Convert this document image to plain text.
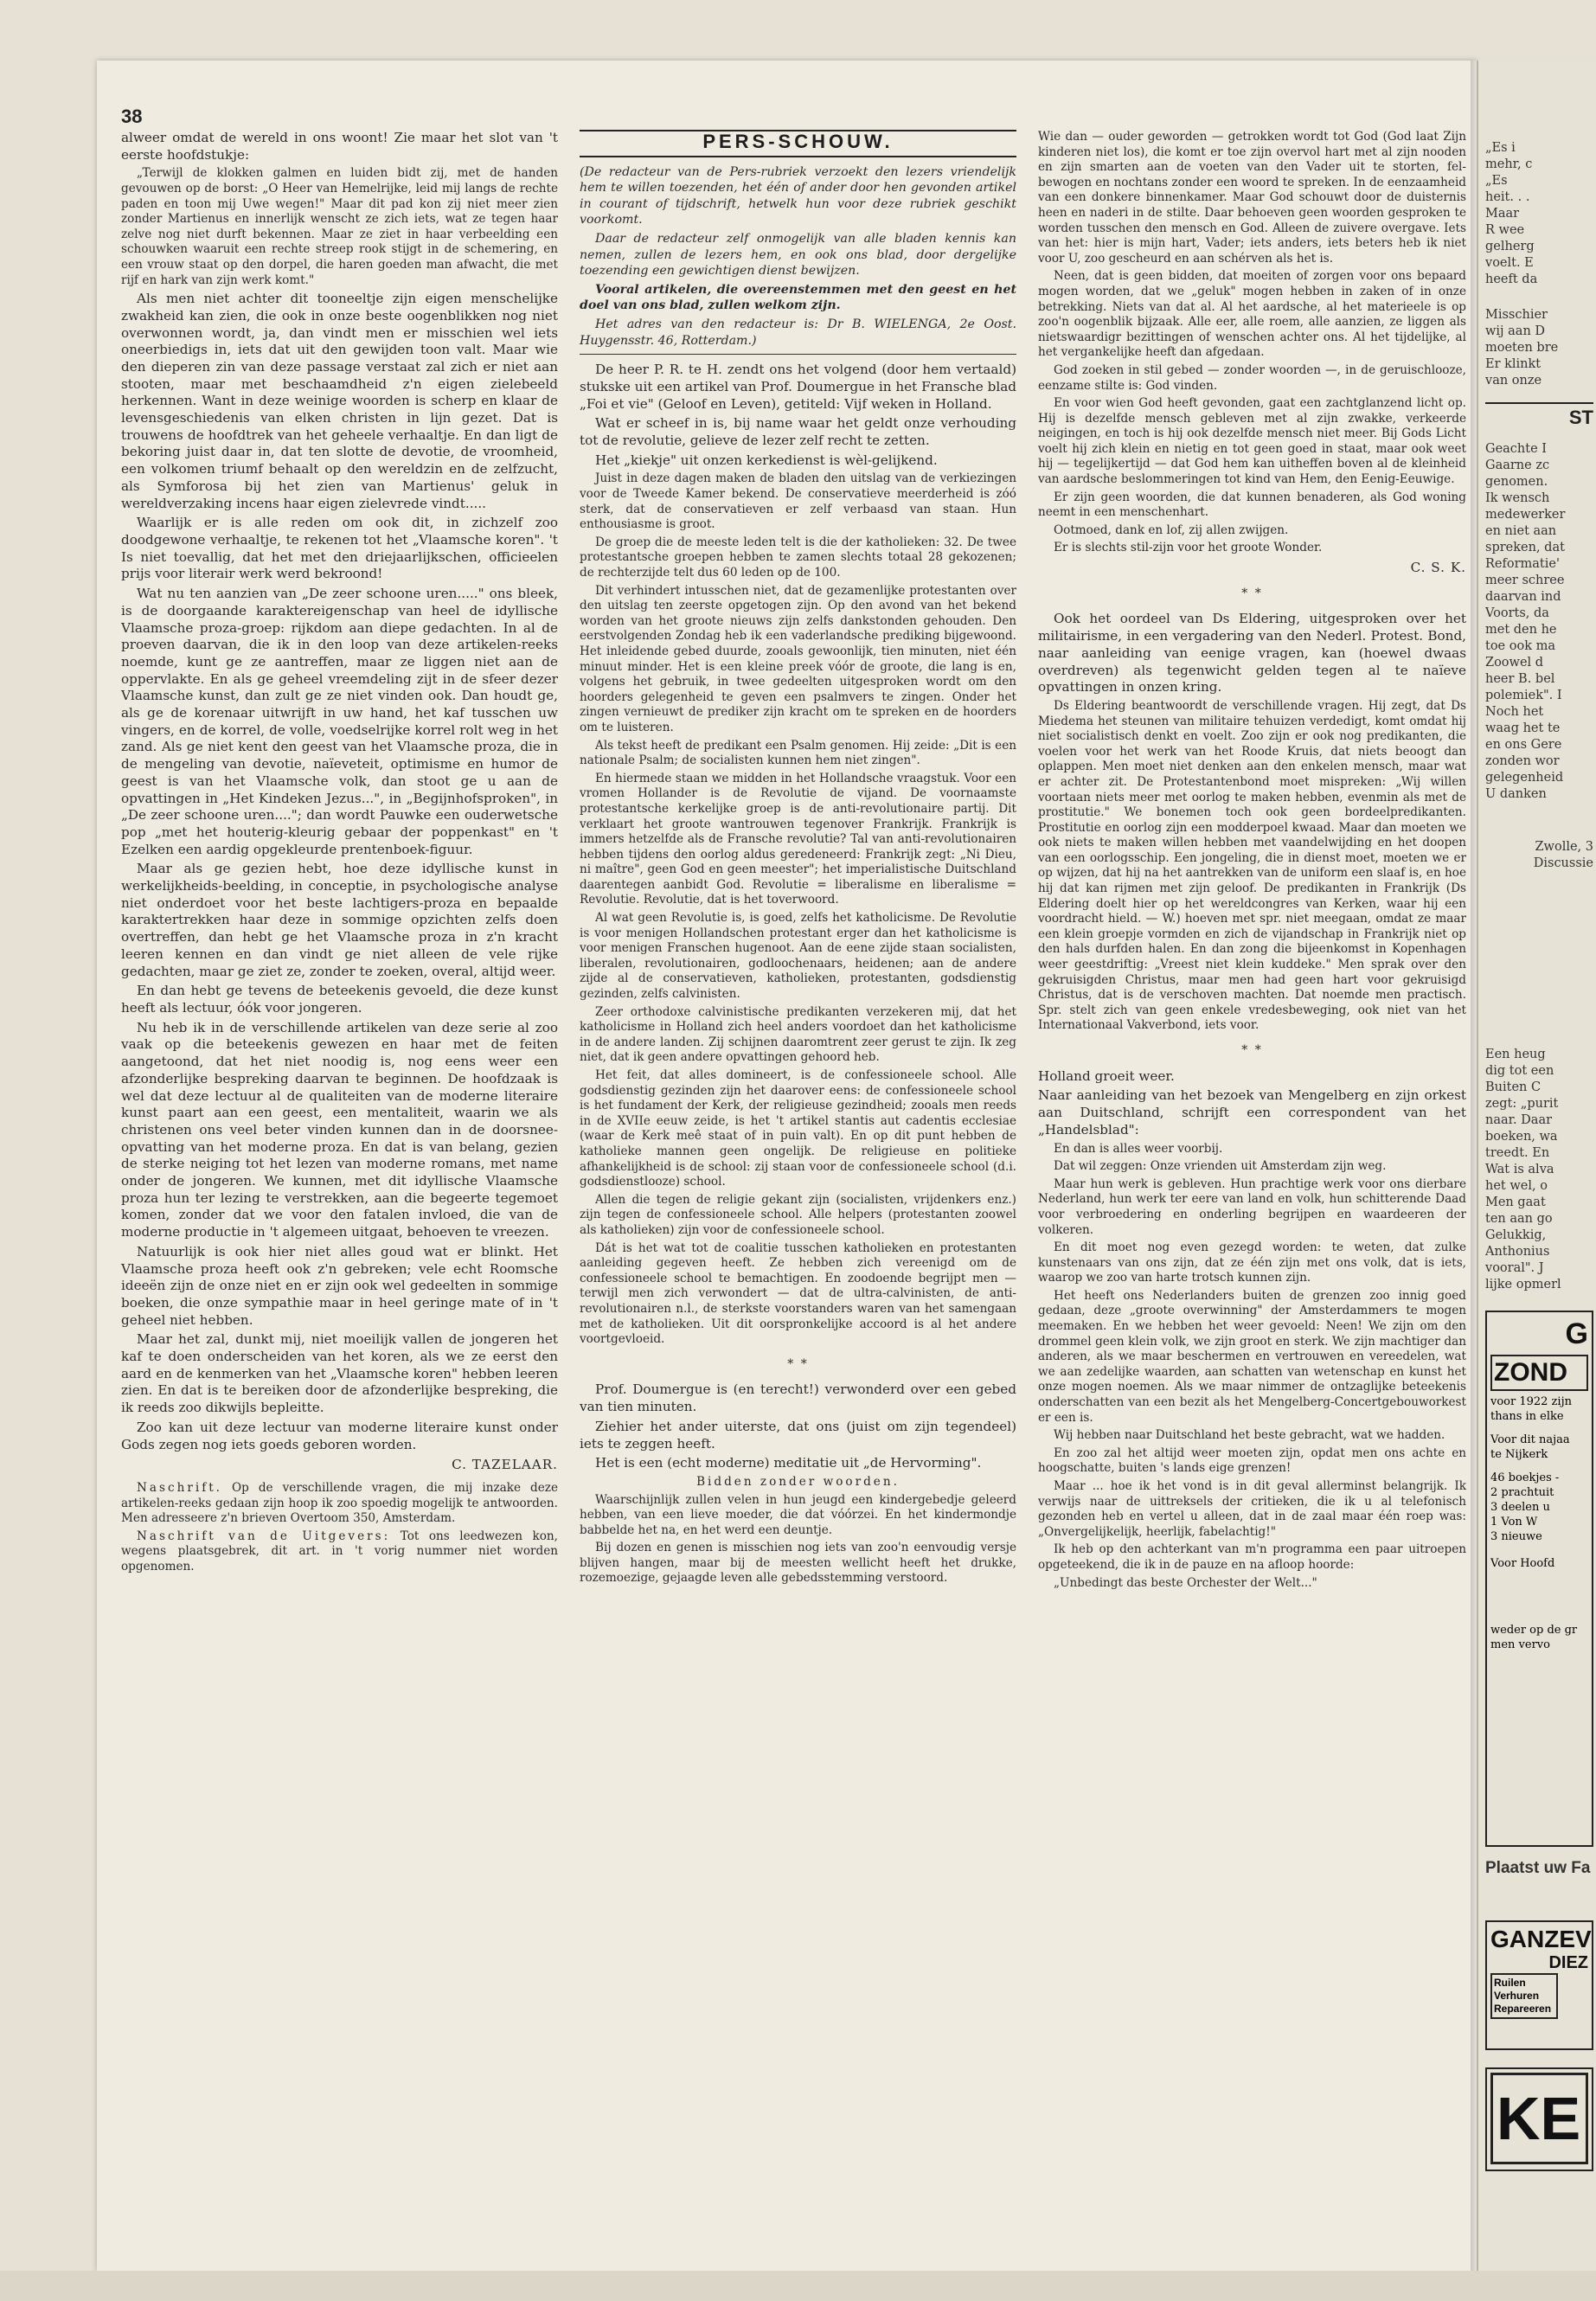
38

alweer omdat de wereld in ons woont! Zie maar het slot van 't eerste hoofdstukje:

„Terwijl de klokken galmen en luiden bidt zij, met de handen gevouwen op de borst: „O Heer van Hemelrijke, leid mij langs de rechte paden en toon mij Uwe wegen!" Maar dit pad kon zij niet meer zien zonder Martienus en innerlijk wenscht ze zich iets, wat ze tegen haar zelve nog niet durft bekennen. Maar ze ziet in haar verbeelding een schouwken waaruit een rechte streep rook stijgt in de schemering, en een vrouw staat op den dorpel, die haren goeden man afwacht, die met rijf en hark van zijn werk komt."

Als men niet achter dit tooneeltje zijn eigen menschelijke zwakheid kan zien, die ook in onze beste oogenblikken nog niet overwonnen wordt, ja, dan vindt men er misschien wel iets oneerbiedigs in, iets dat uit den gewijden toon valt. Maar wie den dieperen zin van deze passage verstaat zal zich er niet aan stooten, maar met beschaamdheid z'n eigen zielebeeld herkennen. Want in deze weinige woorden is scherp en klaar de levensgeschiedenis van elken christen in lijn gezet. Dat is trouwens de hoofdtrek van het geheele verhaaltje. En dan ligt de bekoring juist daar in, dat ten slotte de devotie, de vroomheid, een volkomen triumf behaalt op den wereldzin en de zelfzucht, als Symforosa bij het zien van Martienus' geluk in wereldverzaking incens haar eigen zielevrede vindt.....

Waarlijk er is alle reden om ook dit, in zichzelf zoo doodgewone verhaaltje, te rekenen tot het „Vlaamsche koren". 't Is niet toevallig, dat het met den driejaarlijkschen, officieelen prijs voor literair werk werd bekroond!

Wat nu ten aanzien van „De zeer schoone uren....." ons bleek, is de doorgaande karaktereigenschap van heel de idyllische Vlaamsche proza-groep: rijkdom aan diepe gedachten. In al de proeven daarvan, die ik in den loop van deze artikelen-reeks noemde, kunt ge ze aantreffen, maar ze liggen niet aan de oppervlakte. En als ge geheel vreemdeling zijt in de sfeer dezer Vlaamsche kunst, dan zult ge ze niet vinden ook. Dan houdt ge, als ge de korenaar uitwrijft in uw hand, het kaf tusschen uw vingers, en de korrel, de volle, voedselrijke korrel rolt weg in het zand. Als ge niet kent den geest van het Vlaamsche proza, die in de mengeling van devotie, naïeveteit, optimisme en humor de geest is van het Vlaamsche volk, dan stoot ge u aan de opvattingen in „Het Kindeken Jezus...", in „Begijnhofsproken", in „De zeer schoone uren...."; dan wordt Pauwke een ouderwetsche pop „met het houterig-kleurig gebaar der poppenkast" en 't Ezelken een aardig opgekleurde prentenboek-figuur.

Maar als ge gezien hebt, hoe deze idyllische kunst in werkelijkheids-beelding, in conceptie, in psychologische analyse niet onderdoet voor het beste lachtigers-proza en bepaalde karaktertrekken haar deze in sommige opzichten zelfs doen overtreffen, dan hebt ge het Vlaamsche proza in z'n kracht leeren kennen en dan vindt ge niet alleen de vele rijke gedachten, maar ge ziet ze, zonder te zoeken, overal, altijd weer.

En dan hebt ge tevens de beteekenis gevoeld, die deze kunst heeft als lectuur, óók voor jongeren.

Nu heb ik in de verschillende artikelen van deze serie al zoo vaak op die beteekenis gewezen en haar met de feiten aangetoond, dat het niet noodig is, nog eens weer een afzonderlijke bespreking daarvan te beginnen. De hoofdzaak is wel dat deze lectuur al de qualiteiten van de moderne literaire kunst paart aan een geest, een mentaliteit, waarin we als christenen ons veel beter vinden kunnen dan in de doorsnee-opvatting van het moderne proza. En dat is van belang, gezien de sterke neiging tot het lezen van moderne romans, met name onder de jongeren. We kunnen, met dit idyllische Vlaamsche proza hun ter lezing te verstrekken, aan die begeerte tegemoet komen, zonder dat we voor den fatalen invloed, die van de moderne productie in 't algemeen uitgaat, behoeven te vreezen.

Natuurlijk is ook hier niet alles goud wat er blinkt. Het Vlaamsche proza heeft ook z'n gebreken; vele echt Roomsche ideeën zijn de onze niet en er zijn ook wel gedeelten in sommige boeken, die onze sympathie maar in heel geringe mate of in 't geheel niet hebben.

Maar het zal, dunkt mij, niet moeilijk vallen de jongeren het kaf te doen onderscheiden van het koren, als we ze eerst den aard en de kenmerken van het „Vlaamsche koren" hebben leeren zien. En dat is te bereiken door de afzonderlijke bespreking, die ik reeds zoo dikwijls bepleitte.

Zoo kan uit deze lectuur van moderne literaire kunst onder Gods zegen nog iets goeds geboren worden.

C. TAZELAAR.

Naschrift. Op de verschillende vragen, die mij inzake deze artikelen-reeks gedaan zijn hoop ik zoo spoedig mogelijk te antwoorden. Men adresseere z'n brieven Overtoom 350, Amsterdam.

Naschrift van de Uitgevers: Tot ons leedwezen kon, wegens plaatsgebrek, dit art. in 't vorig nummer niet worden opgenomen.

PERS-SCHOUW.

(De redacteur van de Pers-rubriek verzoekt den lezers vriendelijk hem te willen toezenden, het één of ander door hen gevonden artikel in courant of tijdschrift, hetwelk hun voor deze rubriek geschikt voorkomt.

Daar de redacteur zelf onmogelijk van alle bladen kennis kan nemen, zullen de lezers hem, en ook ons blad, door dergelijke toezending een gewichtigen dienst bewijzen.

Vooral artikelen, die overeenstemmen met den geest en het doel van ons blad, zullen welkom zijn.

Het adres van den redacteur is: Dr B. WIELENGA, 2e Oost. Huygensstr. 46, Rotterdam.)

De heer P. R. te H. zendt ons het volgend (door hem vertaald) stukske uit een artikel van Prof. Doumergue in het Fransche blad „Foi et vie" (Geloof en Leven), getiteld: Vijf weken in Holland.

Wat er scheef in is, bij name waar het geldt onze verhouding tot de revolutie, gelieve de lezer zelf recht te zetten.

Het „kiekje" uit onzen kerkedienst is wèl-gelijkend.

Juist in deze dagen maken de bladen den uitslag van de verkiezingen voor de Tweede Kamer bekend. De conservatieve meerderheid is zóó sterk, dat de conservatieven er zelf verbaasd van staan. Hun enthousiasme is groot.

De groep die de meeste leden telt is die der katholieken: 32. De twee protestantsche groepen hebben te zamen slechts totaal 28 gekozenen; de rechterzijde telt dus 60 leden op de 100.

Dit verhindert intusschen niet, dat de gezamenlijke protestanten over den uitslag ten zeerste opgetogen zijn. Op den avond van het bekend worden van het groote nieuws zijn zelfs dankstonden gehouden. Den eerstvolgenden Zondag heb ik een vaderlandsche prediking bijgewoond. Het inleidende gebed duurde, zooals gewoonlijk, tien minuten, niet één minuut minder. Het is een kleine preek vóór de groote, die lang is en, volgens het gebruik, in twee gedeelten uitgesproken wordt om den hoorders gelegenheid te geven een psalmvers te zingen. Onder het zingen vernieuwt de prediker zijn kracht om te spreken en de hoorders om te luisteren.

Als tekst heeft de predikant een Psalm genomen. Hij zeide: „Dit is een nationale Psalm; de socialisten kunnen hem niet zingen".

En hiermede staan we midden in het Hollandsche vraagstuk. Voor een vromen Hollander is de Revolutie de vijand. De voornaamste protestantsche kerkelijke groep is de anti-revolutionaire partij. Dit verklaart het groote wantrouwen tegenover Frankrijk. Frankrijk is immers hetzelfde als de Fransche revolutie? Tal van anti-revolutionairen hebben tijdens den oorlog aldus geredeneerd: Frankrijk zegt: „Ni Dieu, ni maître", geen God en geen meester"; het imperialistische Duitschland daarentegen aanbidt God. Revolutie = liberalisme en liberalisme = Revolutie. Revolutie, dat is het toverwoord.

Al wat geen Revolutie is, is goed, zelfs het katholicisme. De Revolutie is voor menigen Hollandschen protestant erger dan het katholicisme is voor menigen Franschen hugenoot. Aan de eene zijde staan socialisten, liberalen, revolutionairen, godloochenaars, heidenen; aan de andere zijde al de conservatieven, katholieken, protestanten, godsdienstig gezinden, zelfs calvinisten.

Zeer orthodoxe calvinistische predikanten verzekeren mij, dat het katholicisme in Holland zich heel anders voordoet dan het katholicisme in de andere landen. Zij schijnen daaromtrent zeer gerust te zijn. Ik zeg niet, dat ik geen andere opvattingen gehoord heb.

Het feit, dat alles domineert, is de confessioneele school. Alle godsdienstig gezinden zijn het daarover eens: de confessioneele school is het fundament der Kerk, der religieuse gezindheid; zooals men reeds in de XVIIe eeuw zeide, is het 't artikel stantis aut cadentis ecclesiae (waar de Kerk meê staat of in puin valt). En op dit punt hebben de katholieke mannen geen ongelijk. De religieuse en politieke afhankelijkheid is de school: zij staan voor de confessioneele school (d.i. godsdienstlooze) school.

Allen die tegen de religie gekant zijn (socialisten, vrijdenkers enz.) zijn tegen de confessioneele school. Alle helpers (protestanten zoowel als katholieken) zijn voor de confessioneele school.

Dát is het wat tot de coalitie tusschen katholieken en protestanten aanleiding gegeven heeft. Ze hebben zich vereenigd om de confessioneele school te bemachtigen. En zoodoende begrijpt men — terwijl men zich verwondert — dat de ultra-calvinisten, de anti-revolutionairen n.l., de sterkste voorstanders waren van het samengaan met de katholieken. Uit dit oorspronkelijke accoord is al het andere voortgevloeid.

* *

Prof. Doumergue is (en terecht!) verwonderd over een gebed van tien minuten.

Ziehier het ander uiterste, dat ons (juist om zijn tegendeel) iets te zeggen heeft.

Het is een (echt moderne) meditatie uit „de Hervorming".

Bidden zonder woorden.

Waarschijnlijk zullen velen in hun jeugd een kindergebedje geleerd hebben, van een lieve moeder, die dat vóórzei. En het kindermondje babbelde het na, en het werd een deuntje.

Bij dozen en genen is misschien nog iets van zoo'n eenvoudig versje blijven hangen, maar bij de meesten wellicht heeft het drukke, rozemoezige, gejaagde leven alle gebedsstemming verstoord.

Wie dan — ouder geworden — getrokken wordt tot God (God laat Zijn kinderen niet los), die komt er toe zijn overvol hart met al zijn nooden en zijn smarten aan de voeten van den Vader uit te storten, fel-bewogen en nochtans zonder een woord te spreken. In de eenzaamheid van een donkere binnenkamer. Maar God schouwt door de duisternis heen en naderi in de stilte. Daar behoeven geen woorden gesproken te worden tusschen den mensch en God. Alleen de zuivere overgave. Iets van het: hier is mijn hart, Vader; iets anders, iets beters heb ik niet voor U, zoo gescheurd en aan schérven als het is.

Neen, dat is geen bidden, dat moeiten of zorgen voor ons bepaard mogen worden, dat we „geluk" mogen hebben in zaken of in onze betrekking. Niets van dat al. Al het aardsche, al het materieele is op zoo'n oogenblik bijzaak. Alle eer, alle roem, alle aanzien, ze liggen als nietswaardigr bezittingen of wenschen achter ons. Al het tijdelijke, al het vergankelijke heeft dan afgedaan.

God zoeken in stil gebed — zonder woorden —, in de geruischlooze, eenzame stilte is: God vinden.

En voor wien God heeft gevonden, gaat een zachtglanzend licht op. Hij is dezelfde mensch gebleven met al zijn zwakke, verkeerde neigingen, en toch is hij ook dezelfde mensch niet meer. Bij Gods Licht voelt hij zich klein en nietig en tot geen goed in staat, maar ook weet hij — tegelijkertijd — dat God hem kan uitheffen boven al de kleinheid van aardsche beslommeringen tot kind van Hem, den Eenig-Eeuwige.

Er zijn geen woorden, die dat kunnen benaderen, als God woning neemt in een menschenhart.

Ootmoed, dank en lof, zij allen zwijgen.

Er is slechts stil-zijn voor het groote Wonder.

C. S. K.
* *

Ook het oordeel van Ds Eldering, uitgesproken over het militairisme, in een vergadering van den Nederl. Protest. Bond, naar aanleiding van eenige vragen, kan (hoewel dwaas overdreven) als tegenwicht gelden tegen al te naïeve opvattingen in onzen kring.

Ds Eldering beantwoordt de verschillende vragen. Hij zegt, dat Ds Miedema het steunen van militaire tehuizen verdedigt, komt omdat hij niet socialistisch denkt en voelt. Zoo zijn er ook nog predikanten, die voelen voor het werk van het Roode Kruis, dat niets beoogt dan oplappen. Men moet niet denken aan den enkelen mensch, maar wat er achter zit. De Protestantenbond moet mispreken: „Wij willen voortaan niets meer met oorlog te maken hebben, evenmin als met de prostitutie." We bonemen toch ook geen bordeelpredikanten. Prostitutie en oorlog zijn een modderpoel kwaad. Maar dan moeten we ook niets te maken willen hebben met vaandelwijding en het doopen van een oorlogsschip. Een jongeling, die in dienst moet, moeten we er op wijzen, dat hij na het aantrekken van de uniform een slaaf is, en hoe hij dat kan rijmen met zijn geloof. De predikanten in Frankrijk (Ds Eldering doelt hier op het wereldcongres van Kerken, waar hij een voordracht hield. — W.) hoeven met spr. niet meegaan, omdat ze maar een klein groepje vormden en zich de vijandschap in Frankrijk niet op den hals durfden halen. En dan zong die bijeenkomst in Kopenhagen weer geestdriftig: „Vreest niet klein kuddeke." Men sprak over den gekruisigden Christus, maar men had geen hart voor gekruisigd Christus, dat is de verschoven machten. Dat noemde men practisch. Spr. stelt zich van geen enkele vredesbeweging, ook niet van het Internationaal Vakverbond, iets voor.

* *

Holland groeit weer.

Naar aanleiding van het bezoek van Mengelberg en zijn orkest aan Duitschland, schrijft een correspondent van het „Handelsblad":

En dan is alles weer voorbij.

Dat wil zeggen: Onze vrienden uit Amsterdam zijn weg.

Maar hun werk is gebleven. Hun prachtige werk voor ons dierbare Nederland, hun werk ter eere van land en volk, hun schitterende Daad voor verbroedering en onderling begrijpen en waardeeren der volkeren.

En dit moet nog even gezegd worden: te weten, dat zulke kunstenaars van ons zijn, dat ze één zijn met ons volk, dat is iets, waarop we zoo van harte trotsch kunnen zijn.

Het heeft ons Nederlanders buiten de grenzen zoo innig goed gedaan, deze „groote overwinning" der Amsterdammers te mogen meemaken. En we hebben het weer gevoeld: Neen! We zijn om den drommel geen klein volk, we zijn groot en sterk. We zijn machtiger dan anderen, als we maar beschermen en vertrouwen en vereedelen, wat we aan zedelijke waarden, aan schatten van wetenschap en kunst het onze mogen noemen. Als we maar nimmer de ontzaglijke beteekenis onderschatten van een bezit als het Mengelberg-Concertgebouworkest er een is.

Wij hebben naar Duitschland het beste gebracht, wat we hadden.

En zoo zal het altijd weer moeten zijn, opdat men ons achte en hoogschatte, buiten 's lands eige grenzen!

Maar ... hoe ik het vond is in dit geval allerminst belangrijk. Ik verwijs naar de uittreksels der critieken, die ik u al telefonisch gezonden heb en vertel u alleen, dat in de zaal maar één roep was: „Onvergelijkelijk, heerlijk, fabelachtig!"

Ik heb op den achterkant van m'n programma een paar uitroepen opgeteekend, die ik in de pauze en na afloop hoorde:

„Unbedingt das beste Orchester der Welt..."

„Es i
mehr, c
„Es
heit. . .
Maar
R wee
gelherg
voelt. E
heeft da
Misschier
wij aan D
moeten bre
Er klinkt
van onze
ST
Geachte I
Gaarne zc
genomen.
Ik wensch
medewerker
en niet aan
spreken, dat
Reformatie'
meer schree
daarvan ind
Voorts, da
met den he
toe ook ma
Zoowel d
heer B. bel
polemiek". I
Noch het
waag het te
en ons Gere
zonden wor
gelegenheid
U danken
Zwolle, 3
Discussie
Een heug
dig tot een
Buiten C
zegt: „purit
naar. Daar
boeken, wa
treedt. En
Wat is alva
het wel, o
Men gaat
ten aan go
Gelukkig,
Anthonius
vooral". J
lijke opmerl
G
ZOND
voor 1922 zijn
thans in elke
Voor dit najaa
te Nijkerk
46 boekjes -
2 prachtuit
3 deelen u
1 Von W
3 nieuwe
Voor Hoofd
weder op de gr
men vervo
Plaatst uw Fa
GANZEV
DIEZ
Ruilen
Verhuren
Repareeren
KE
